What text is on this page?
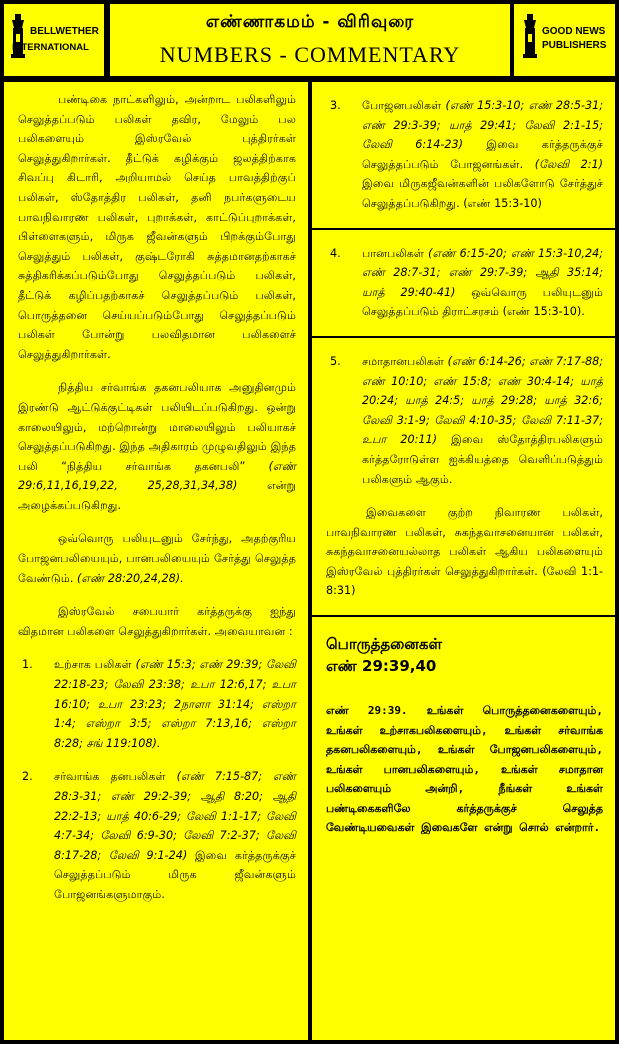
BELLWETHER
INTERNATIONAL
எண்ணாகமம் - விரிவுரை
NUMBERS - COMMENTARY
GOOD NEWS
PUBLISHERS

பண்டிகை நாட்களிலும், அன்றாட பலிகளிலும் செலுத்தப்படும் பலிகள் தவிர, மேலும் பல பலிகளையும் இஸ்ரவேல் புத்திரர்கள் செலுத்துகிறார்கள். தீட்டுக் கழிக்கும் ஜலத்திற்காக சிவப்பு கிடாரி, அறியாமல் செய்த பாவத்திற்குப் பலிகள், ஸ்தோத்திர பலிகள், தனி நபர்களுடைய பாவநிவாரண பலிகள், புறாக்கள், காட்டுப்புறாக்கள், பிள்ளைகளும், மிருக ஜீவன்களும் பிறக்கும்போது செலுத்தும் பலிகள், குஷ்டரோகி சுத்தமானதற்காகச் சுத்திகரிக்கப்படும்போது செலுத்தப்படும் பலிகள், தீட்டுக் கழிப்பதற்காகச் செலுத்தப்படும் பலிகள், பொருத்தனை செய்யப்படும்போது செலுத்தப்படும் பலிகள் போன்று பலவிதமான பலிகளைச் செலுத்துகிறார்கள்.

நித்திய சர்வாங்க தகனபலியாக அனுதினமும் இரண்டு ஆட்டுக்குட்டிகள் பலியிடப்படுகிறது. ஒன்று காலையிலும், மற்றொன்று மாலையிலும் பலியாகச் செலுத்தப்படுகிறது. இந்த அதிகாரம் முழுவதிலும் இந்த பலி “நித்திய சர்வாங்க தகனபலி” (எண் 29:6,11,16,19,22, 25,28,31,34,38)	என்று அழைக்கப்படுகிறது.

ஒவ்வொரு பலியுடனும் சேர்ந்து, அதற்குரிய போஜனபலியையும், பானபலியையும் சேர்த்து செலுத்த வேண்டும். (எண் 28:20,24,28).

இஸ்ரவேல் சபையார் கர்த்தருக்கு ஐந்து விதமான பலிகளை செலுத்துகிறார்கள். அவையாவன :

1. உற்சாக பலிகள் (எண் 15:3; எண் 29:39; லேவி 22:18-23; லேவி 23:38; உபா 12:6,17; உபா 16:10; உபா 23:23; 2நாளா 31:14; எஸ்றா 1:4; எஸ்றா 3:5; எஸ்றா 7:13,16; எஸ்றா 8:28; சங் 119:108).
2. சர்வாங்க தனபலிகள் (எண் 7:15-87; எண் 28:3-31; எண் 29:2-39; ஆதி 8:20; ஆதி 22:2-13; யாத் 40:6-29; லேவி 1:1-17; லேவி 4:7-34; லேவி 6:9-30; லேவி 7:2-37; லேவி 8:17-28; லேவி 9:1-24) இவை கர்த்தருக்குச் செலுத்தப்படும் மிருக ஜீவன்களும் போஜனங்களுமாகும்.
3. போஜனபலிகள் (எண் 15:3-10; எண் 28:5-31; எண் 29:3-39; யாத் 29:41; லேவி 2:1-15; லேவி 6:14-23) இவை கர்த்தருக்குச் செலுத்தப்படும் போஜனங்கள். (லேவி 2:1) இவை மிருகஜீவன்களின் பலிகளோடு சேர்த்துச் செலுத்தப்படுகிறது. (எண் 15:3-10)
4. பானபலிகள் (எண் 6:15-20; எண் 15:3-10,24; எண் 28:7-31; எண் 29:7-39; ஆதி 35:14; யாத் 29:40-41) ஒவ்வொரு பலியுடனும் செலுத்தப்படும் திராட்சரசம் (எண் 15:3-10).
5. சமாதானபலிகள் (எண் 6:14-26; எண் 7:17-88; எண் 10:10; எண் 15:8; எண் 30:4-14; யாத் 20:24; யாத் 24:5; யாத் 29:28; யாத் 32:6; லேவி 3:1-9; லேவி 4:10-35; லேவி 7:11-37; உபா 20:11) இவை ஸ்தோத்திரபலிகளும் கர்த்தரோடுள்ள ஐக்கியத்தை வெளிப்படுத்தும் பலிகளும் ஆகும்.

இவைகளை குற்ற நிவாரண பலிகள், பாவநிவாரண பலிகள், சுகந்தவாசனையான பலிகள், சுகந்தவாசனையல்லாத பலிகள் ஆகிய பலிகளையும் இஸ்ரவேல் புத்திரர்கள் செலுத்துகிறார்கள். (லேவி 1:1-8:31)

பொருத்தனைகள்
எண் 29:39,40
எண் 29:39. உங்கள் பொருத்தனைகளையும், உங்கள் உற்சாகபலிகளையும், உங்கள் சர்வாங்க தகனபலிகளையும், உங்கள் போஜனபலிகளையும், உங்கள் பானபலிகளையும், உங்கள் சமாதான பலிகளையும் அன்றி, நீங்கள் உங்கள் பண்டிகைகளிலே கர்த்தருக்குச் செலுத்த வேண்டியவைகள் இவைகளே என்று சொல் என்றார்.
